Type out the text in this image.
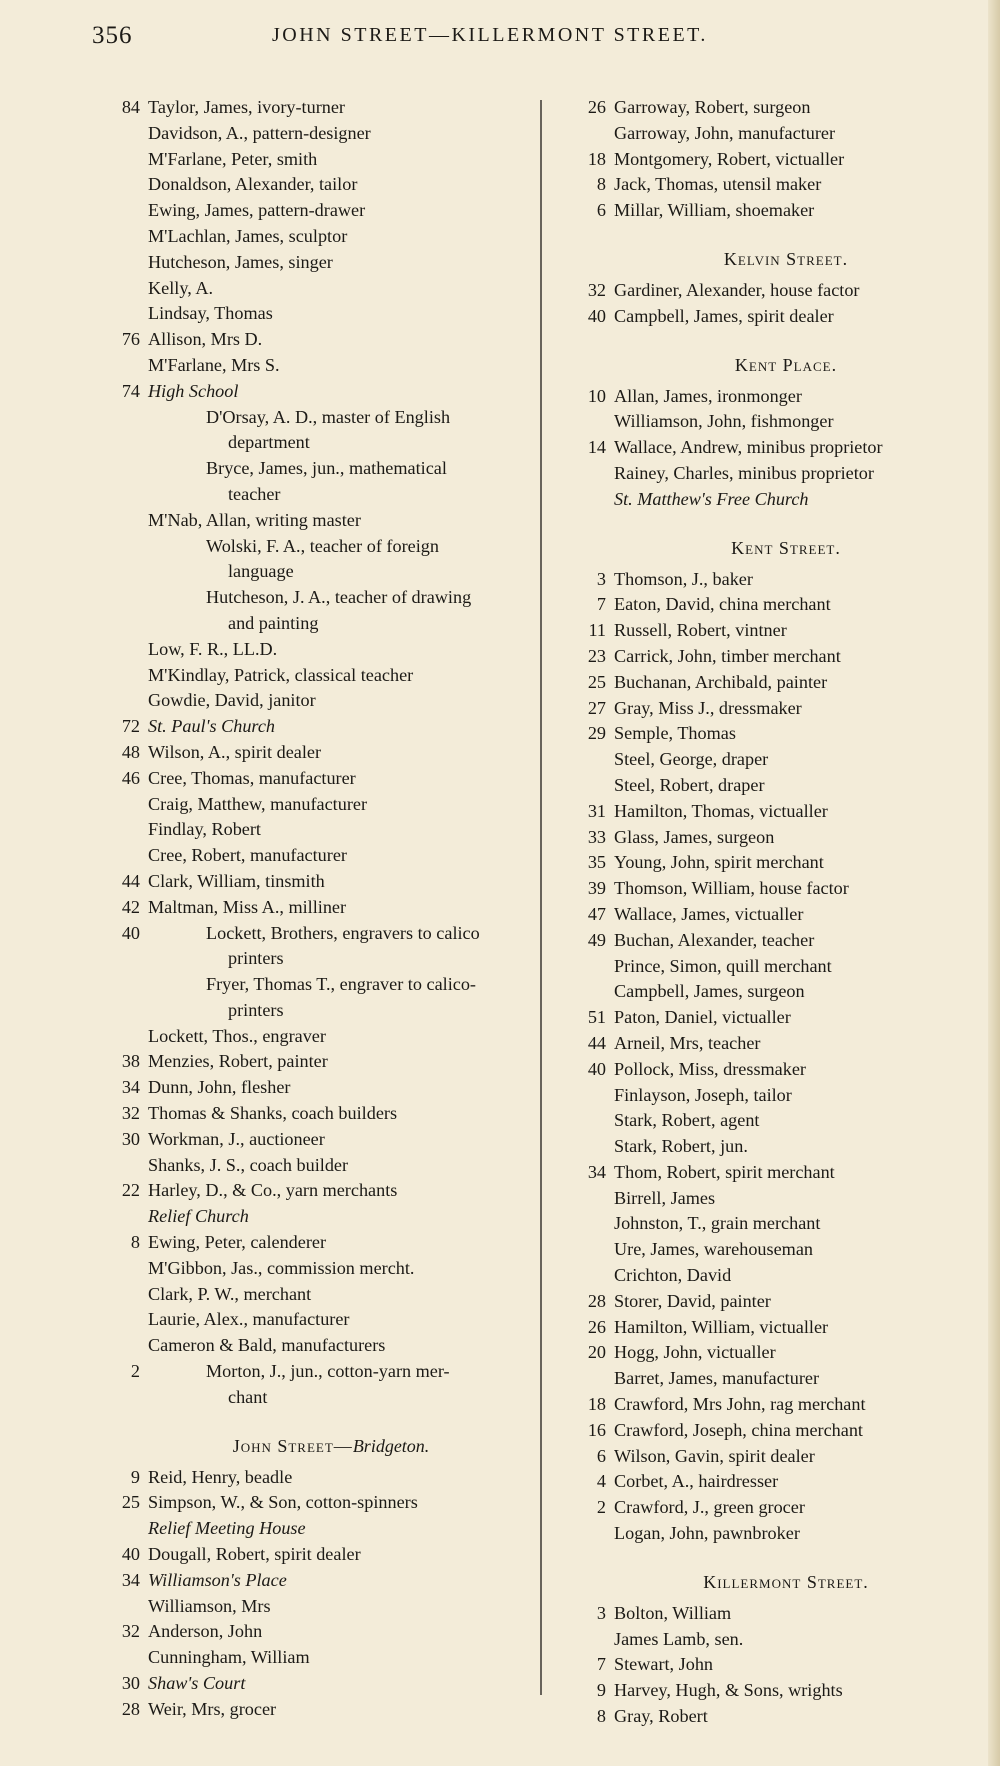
356	JOHN STREET—KILLERMONT STREET.
84 Taylor, James, ivory-turner
Davidson, A., pattern-designer
M'Farlane, Peter, smith
Donaldson, Alexander, tailor
Ewing, James, pattern-drawer
M'Lachlan, James, sculptor
Hutcheson, James, singer
Kelly, A.
Lindsay, Thomas
76 Allison, Mrs D.
M'Farlane, Mrs S.
74 High School
D'Orsay, A. D., master of English
department
Bryce, James, jun., mathematical
teacher
M'Nab, Allan, writing master
Wolski, F. A., teacher of foreign
language
Hutcheson, J. A., teacher of drawing
and painting
Low, F. R., LL.D.
M'Kindlay, Patrick, classical teacher
Gowdie, David, janitor
72 St. Paul's Church
48 Wilson, A., spirit dealer
46 Cree, Thomas, manufacturer
Craig, Matthew, manufacturer
Findlay, Robert
Cree, Robert, manufacturer
44 Clark, William, tinsmith
42 Maltman, Miss A., milliner
40	Lockett, Brothers, engravers to calico
printers
Fryer, Thomas T., engraver to calico-
printers
Lockett, Thos., engraver
38 Menzies, Robert, painter
34 Dunn, John, flesher
32 Thomas & Shanks, coach builders
30 Workman, J., auctioneer
Shanks, J. S., coach builder
22 Harley, D., & Co., yarn merchants
Relief Church
8 Ewing, Peter, calenderer
M'Gibbon, Jas., commission mercht.
Clark, P. W., merchant
Laurie, Alex., manufacturer
Cameron & Bald, manufacturers
2	Morton, J., jun., cotton-yarn mer-
chant
John Street—Bridgeton.
9 Reid, Henry, beadle
25 Simpson, W., & Son, cotton-spinners
Relief Meeting House
40 Dougall, Robert, spirit dealer
34 Williamson's Place
Williamson, Mrs
32 Anderson, John
Cunningham, William
30 Shaw's Court
28 Weir, Mrs, grocer
26 Garroway, Robert, surgeon
Garroway, John, manufacturer
18 Montgomery, Robert, victualler
8 Jack, Thomas, utensil maker
6 Millar, William, shoemaker
Kelvin Street.
32 Gardiner, Alexander, house factor
40 Campbell, James, spirit dealer
Kent Place.
10 Allan, James, ironmonger
Williamson, John, fishmonger
14 Wallace, Andrew, minibus proprietor
Rainey, Charles, minibus proprietor
St. Matthew's Free Church
Kent Street.
3 Thomson, J., baker
7 Eaton, David, china merchant
11 Russell, Robert, vintner
23 Carrick, John, timber merchant
25 Buchanan, Archibald, painter
27 Gray, Miss J., dressmaker
29 Semple, Thomas
Steel, George, draper
Steel, Robert, draper
31 Hamilton, Thomas, victualler
33 Glass, James, surgeon
35 Young, John, spirit merchant
39 Thomson, William, house factor
47 Wallace, James, victualler
49 Buchan, Alexander, teacher
Prince, Simon, quill merchant
Campbell, James, surgeon
51 Paton, Daniel, victualler
44 Arneil, Mrs, teacher
40 Pollock, Miss, dressmaker
Finlayson, Joseph, tailor
Stark, Robert, agent
Stark, Robert, jun.
34 Thom, Robert, spirit merchant
Birrell, James
Johnston, T., grain merchant
Ure, James, warehouseman
Crichton, David
28 Storer, David, painter
26 Hamilton, William, victualler
20 Hogg, John, victualler
Barret, James, manufacturer
18 Crawford, Mrs John, rag merchant
16 Crawford, Joseph, china merchant
6 Wilson, Gavin, spirit dealer
4 Corbet, A., hairdresser
2 Crawford, J., green grocer
Logan, John, pawnbroker
Killermont Street.
3 Bolton, William
James Lamb, sen.
7 Stewart, John
9 Harvey, Hugh, & Sons, wrights
8 Gray, Robert
